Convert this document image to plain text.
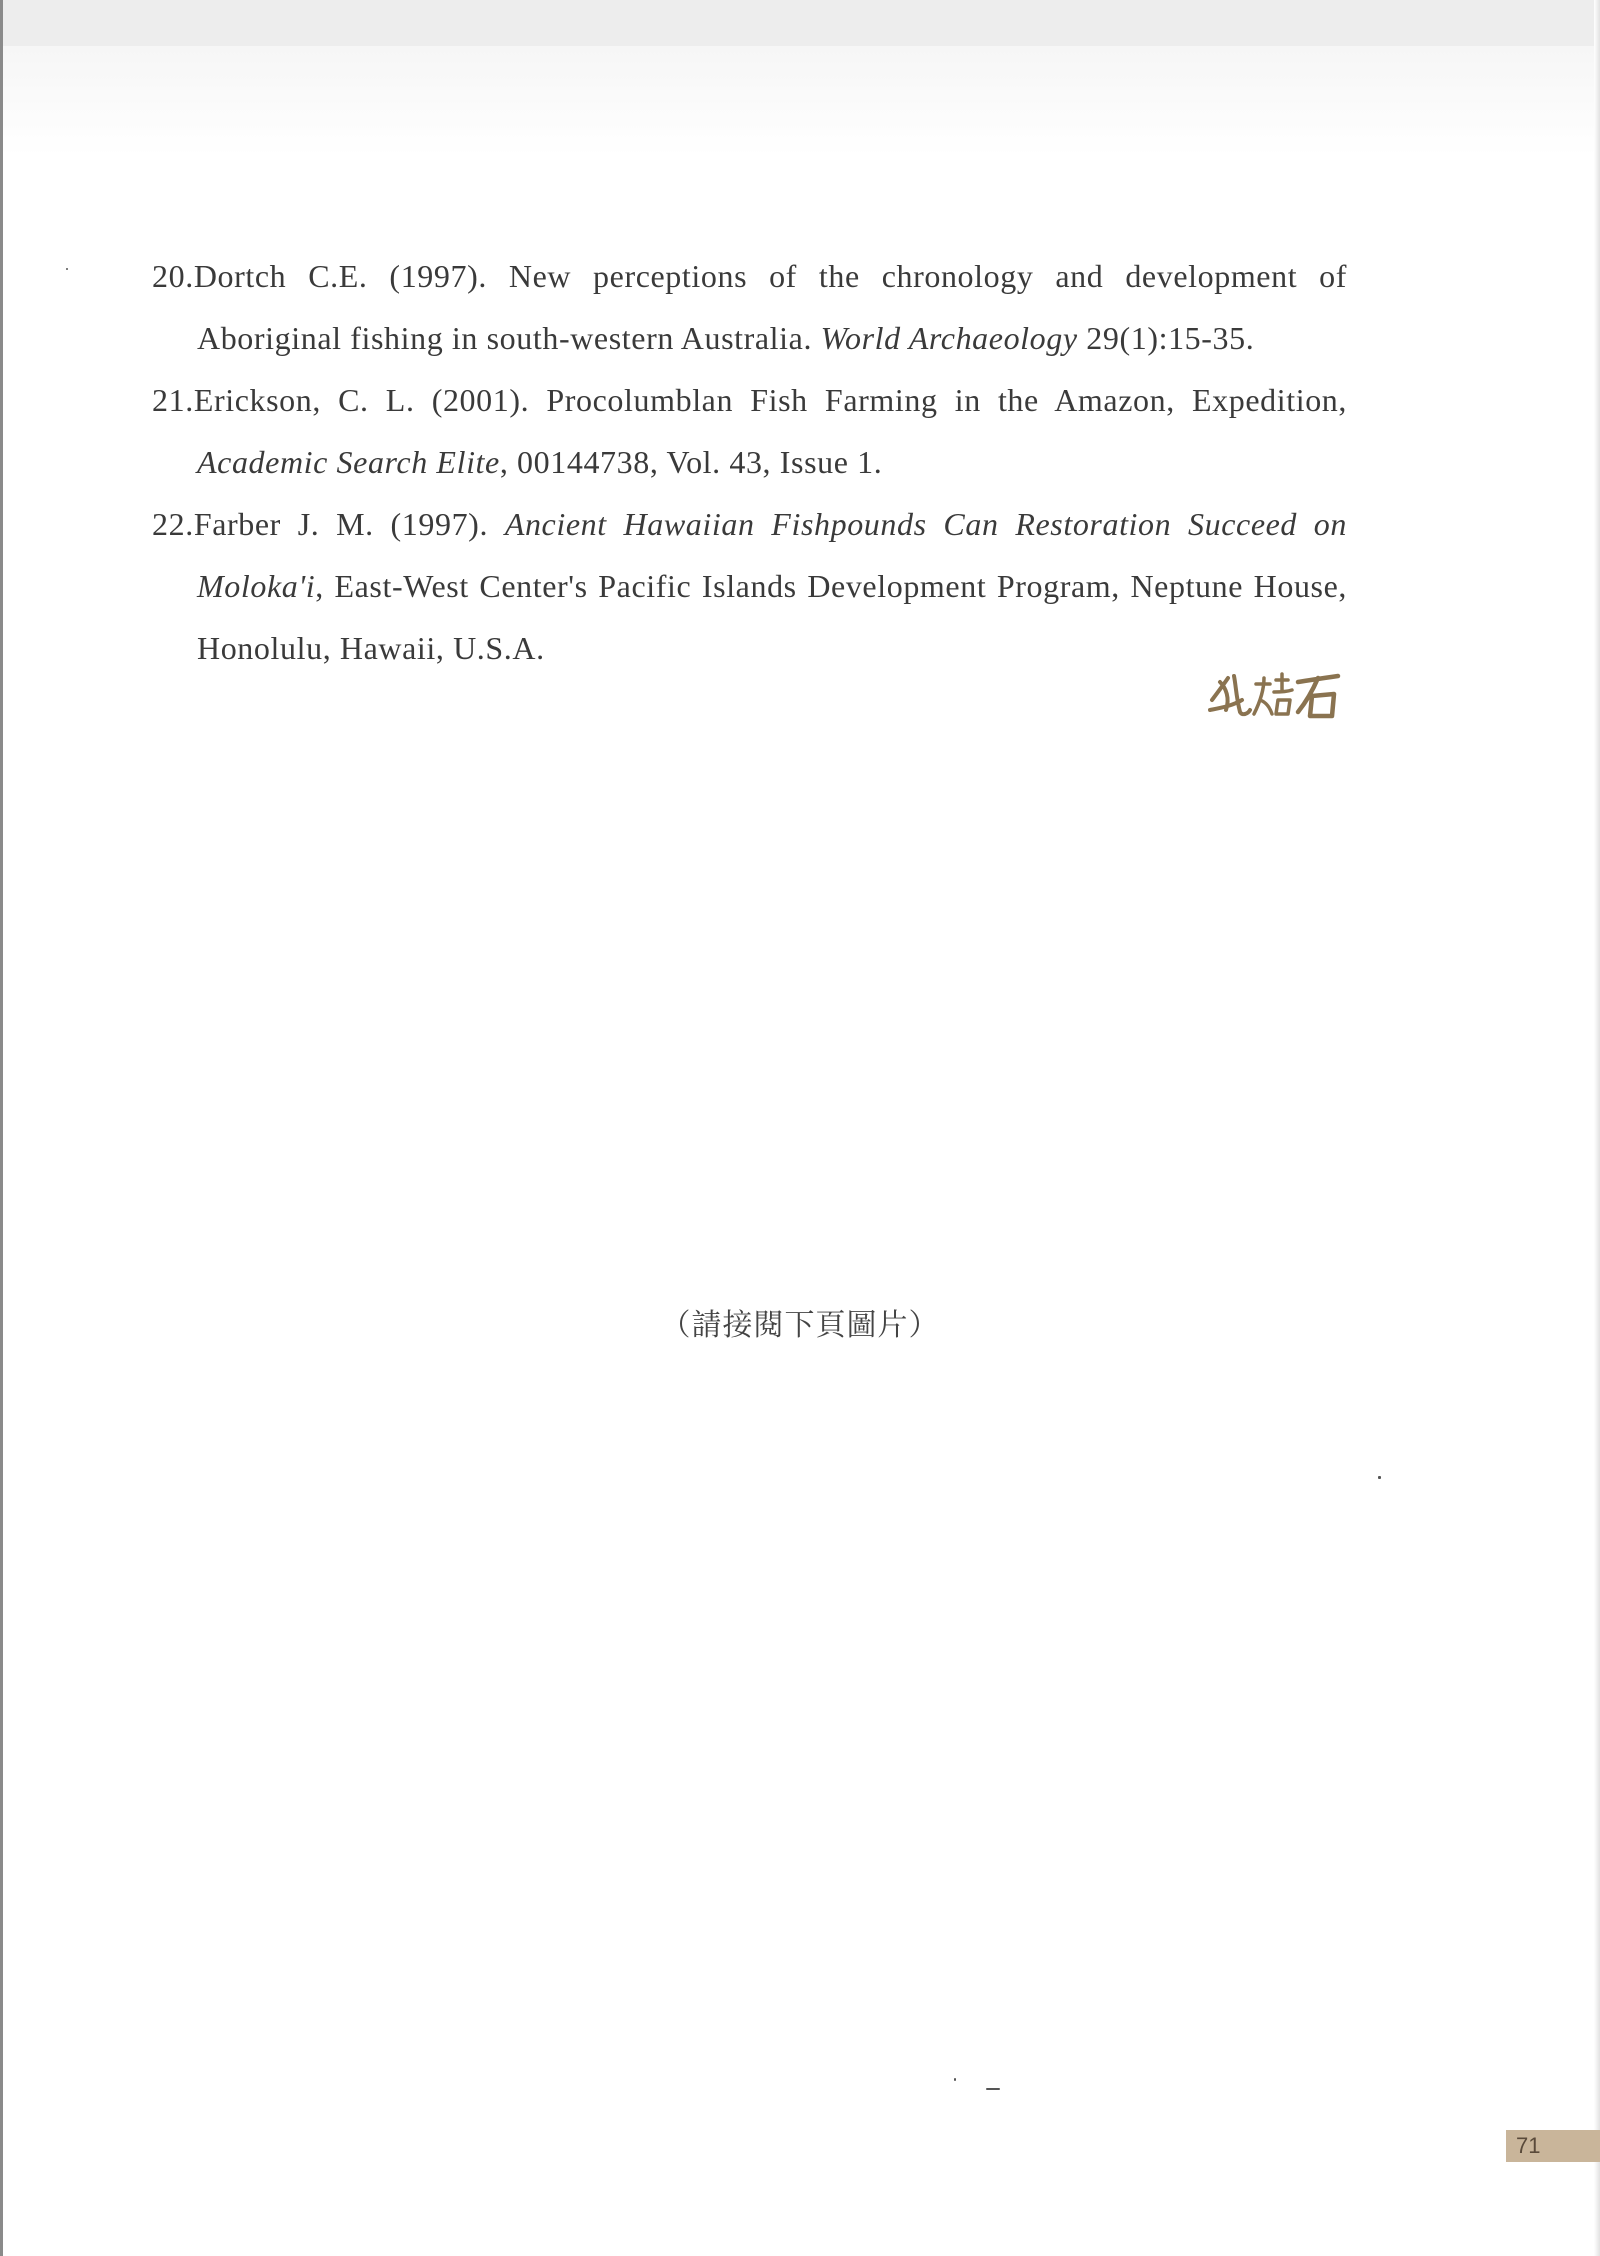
20.Dortch C.E. (1997). New perceptions of the chronology and development of Aboriginal fishing in south-western Australia. World Archaeology 29(1):15-35.

21.Erickson, C. L. (2001). Procolumblan Fish Farming in the Amazon, Expedition, Academic Search Elite, 00144738, Vol. 43, Issue 1.

22.Farber J. M. (1997). Ancient Hawaiian Fishpounds Can Restoration Succeed on Moloka'i, East-West Center's Pacific Islands Development Program, Neptune House, Honolulu, Hawaii, U.S.A.

（請接閱下頁圖片）
71
